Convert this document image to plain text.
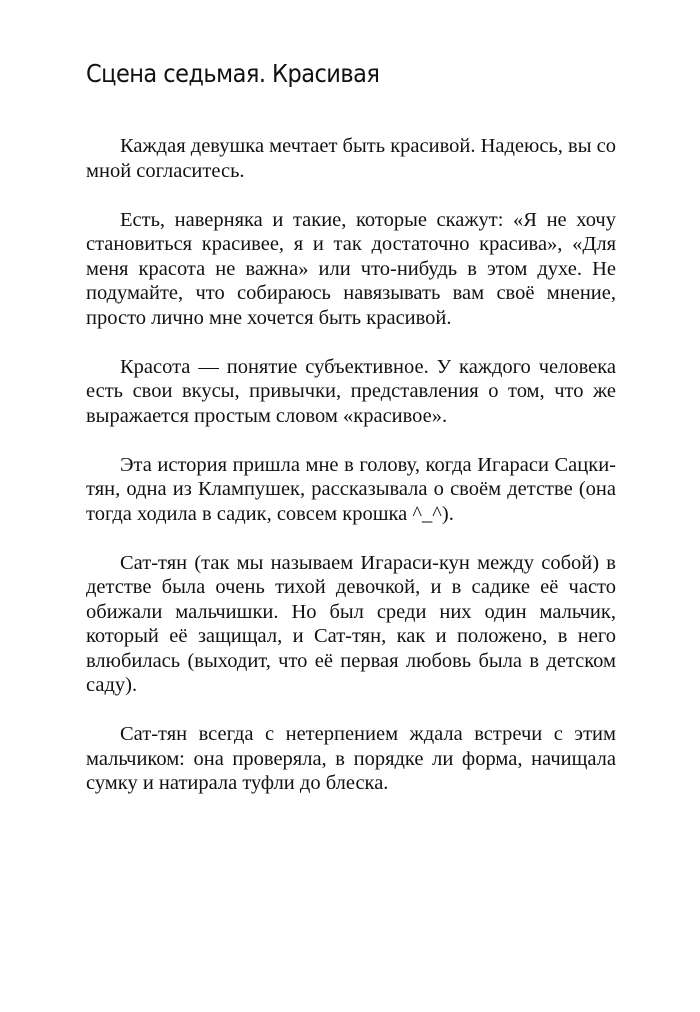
Сцена седьмая. Красивая

Каждая девушка мечтает быть красивой. Надеюсь, вы со мной согласитесь.

Есть, наверняка и такие, которые скажут: «Я не хочу становиться красивее, я и так достаточно красива», «Для меня красота не важна» или что-нибудь в этом духе. Не подумайте, что собираюсь навязывать вам своё мнение, просто лично мне хочется быть красивой.

Красота — понятие субъективное. У каждого человека есть свои вкусы, привычки, представления о том, что же выражается простым словом «красивое».

Эта история пришла мне в голову, когда Игараси Сацки-тян, одна из Клампушек, рассказывала о своём детстве (она тогда ходила в садик, совсем крошка ^_^).

Сат-тян (так мы называем Игараси-кун между собой) в детстве была очень тихой девочкой, и в садике её часто обижали мальчишки. Но был среди них один мальчик, который её защищал, и Сат-тян, как и положено, в него влюбилась (выходит, что её первая любовь была в детском саду).

Сат-тян всегда с нетерпением ждала встречи с этим мальчиком: она проверяла, в порядке ли форма, начищала сумку и натирала туфли до блеска.
